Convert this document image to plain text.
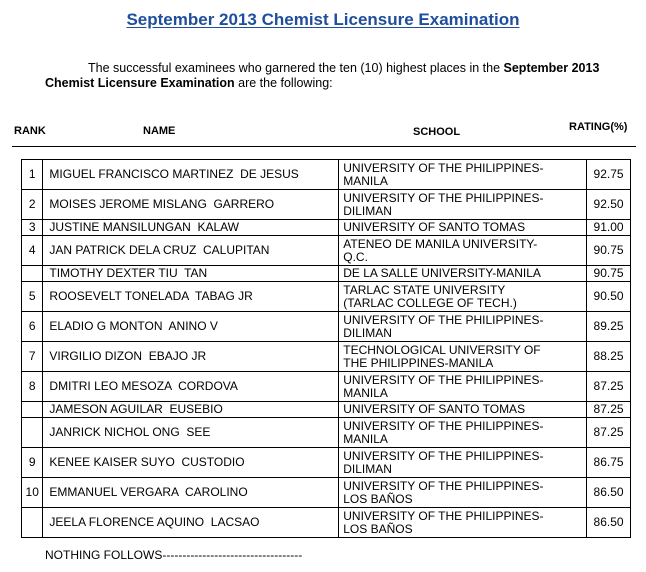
September 2013 Chemist Licensure Examination
The successful examinees who garnered the ten (10) highest places in the September 2013 Chemist Licensure Examination are the following:
RANK	NAME	SCHOOL	RATING(%)
1	MIGUEL FRANCISCO MARTINEZ  DE JESUS	UNIVERSITY OF THE PHILIPPINES-
MANILA	92.75
2	MOISES JEROME MISLANG  GARRERO	UNIVERSITY OF THE PHILIPPINES-
DILIMAN	92.50
3	JUSTINE MANSILUNGAN  KALAW	UNIVERSITY OF SANTO TOMAS	91.00
4	JAN PATRICK DELA CRUZ  CALUPITAN	ATENEO DE MANILA UNIVERSITY-
Q.C.	90.75
	TIMOTHY DEXTER TIU  TAN	DE LA SALLE UNIVERSITY-MANILA	90.75
5	ROOSEVELT TONELADA  TABAG JR	TARLAC STATE UNIVERSITY
(TARLAC COLLEGE OF TECH.)	90.50
6	ELADIO G MONTON  ANINO V	UNIVERSITY OF THE PHILIPPINES-
DILIMAN	89.25
7	VIRGILIO DIZON  EBAJO JR	TECHNOLOGICAL UNIVERSITY OF
THE PHILIPPINES-MANILA	88.25
8	DMITRI LEO MESOZA  CORDOVA	UNIVERSITY OF THE PHILIPPINES-
MANILA	87.25
	JAMESON AGUILAR  EUSEBIO	UNIVERSITY OF SANTO TOMAS	87.25
	JANRICK NICHOL ONG  SEE	UNIVERSITY OF THE PHILIPPINES-
MANILA	87.25
9	KENEE KAISER SUYO  CUSTODIO	UNIVERSITY OF THE PHILIPPINES-
DILIMAN	86.75
10	EMMANUEL VERGARA  CAROLINO	UNIVERSITY OF THE PHILIPPINES-
LOS BAÑOS	86.50
	JEELA FLORENCE AQUINO  LACSAO	UNIVERSITY OF THE PHILIPPINES-
LOS BAÑOS	86.50
NOTHING FOLLOWS-----------------------------------
